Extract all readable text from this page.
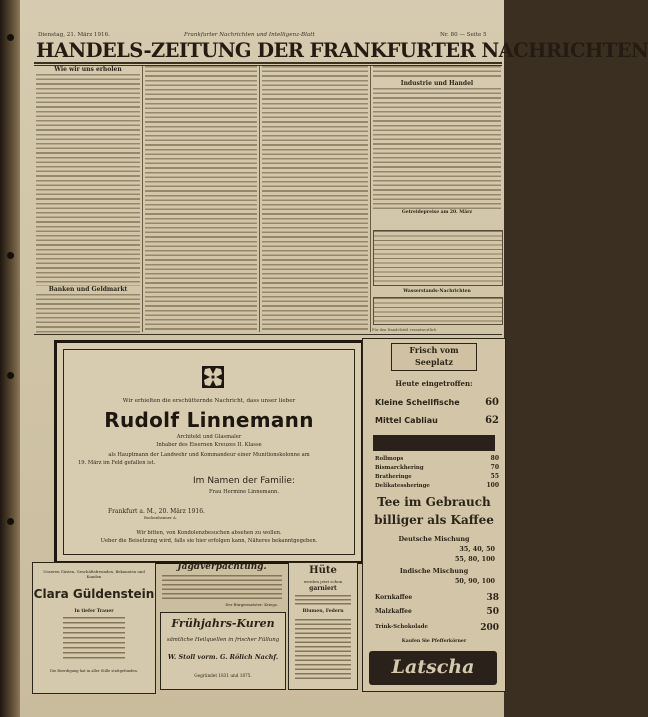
Dienstag, 21. März 1916.	Frankfurter Nachrichten und Intelligenz-Blatt	Nr. 80 — Seite 5
HANDELS-ZEITUNG DER FRANKFURTER NACHRICHTEN
Wie wir uns erholen
Banken und Geldmarkt
Industrie und Handel
Getreidepreise am 20. März
Wasserstands-Nachrichten
Für den Handelsteil verantwortlich
Wir erhielten die erschütternde Nachricht, dass unser lieber
Rudolf Linnemann
Architekt und Glasmaler
Inhaber des Eisernen Kreuzes II. Klasse
als Hauptmann der Landwehr und Kommandeur einer Munitionskolonne am
19. März im Feld gefallen ist.
Im Namen der Familie:
Frau Hermine Linnemann.
Frankfurt a. M., 20. März 1916.
Bockenheimer A.
Wir bitten, von Kondolenzbesuchen absehen zu wollen.
Ueber die Beisetzung wird, falls sie hier erfolgen kann, Näheres bekanntgegeben.
Unseren Gästen, Geschäftsfreunden, Bekannten und Kunden
Clara Güldenstein
In tiefer Trauer
Die Beerdigung hat in aller Stille stattgefunden.
Jagdverpachtung.
Der Bürgermeister: Kriegs.
Hüte
werden jetzt schon
garniert
Blumen, Federn
Frühjahrs-Kuren
sämtliche Heilquellen in frischer Füllung
W. Stoll vorm. G. Rölich Nachf.
Gegründet 1831 und 1875.
Frisch vom
Seeplatz
Heute eingetroffen:
Kleine Schellfische	60
Mittel Cabliau	62
Rollmops	80
Bismarckhering	70
Bratheringe	55
Delikatessheringe	100
Tee im Gebrauch
billiger als Kaffee
Deutsche Mischung
35, 40, 50
55, 80, 100
Indische Mischung
50, 90, 100
Kornkaffee	38
Malzkaffee	50
Trink-Schokolade	200
Kaufen Sie Pfefferkörner
Latscha
